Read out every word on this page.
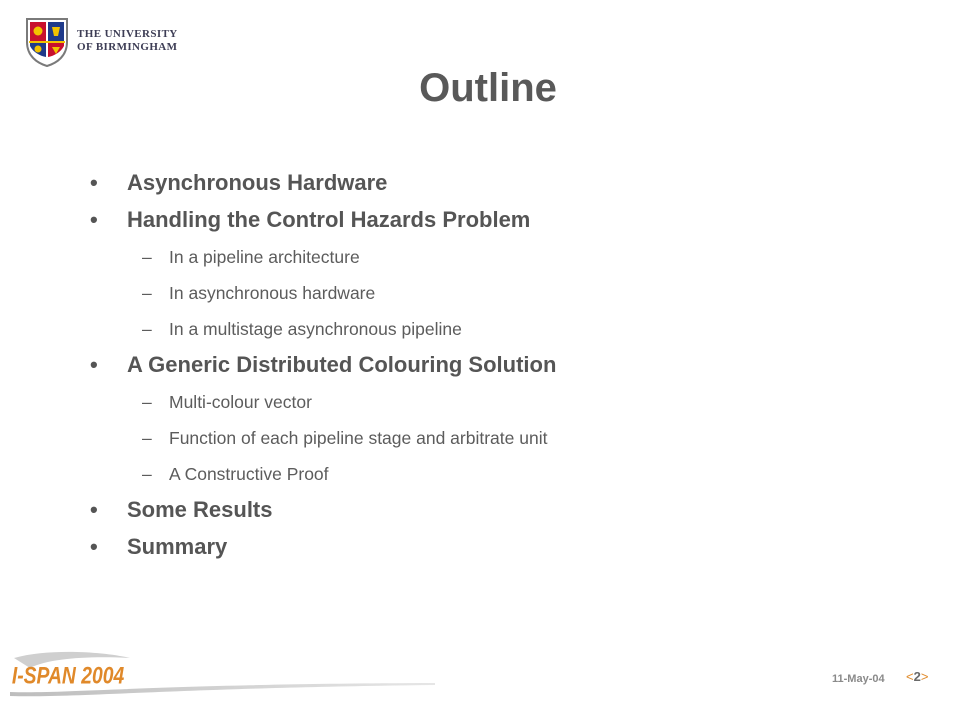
THE UNIVERSITY
OF BIRMINGHAM
Outline
• Asynchronous Hardware
• Handling the Control Hazards Problem
– In a pipeline architecture
– In asynchronous hardware
– In a multistage asynchronous pipeline
• A Generic Distributed Colouring Solution
– Multi-colour vector
– Function of each pipeline stage and arbitrate unit
– A Constructive Proof
• Some Results
• Summary
I-SPAN 2004	11-May-04 <2>
